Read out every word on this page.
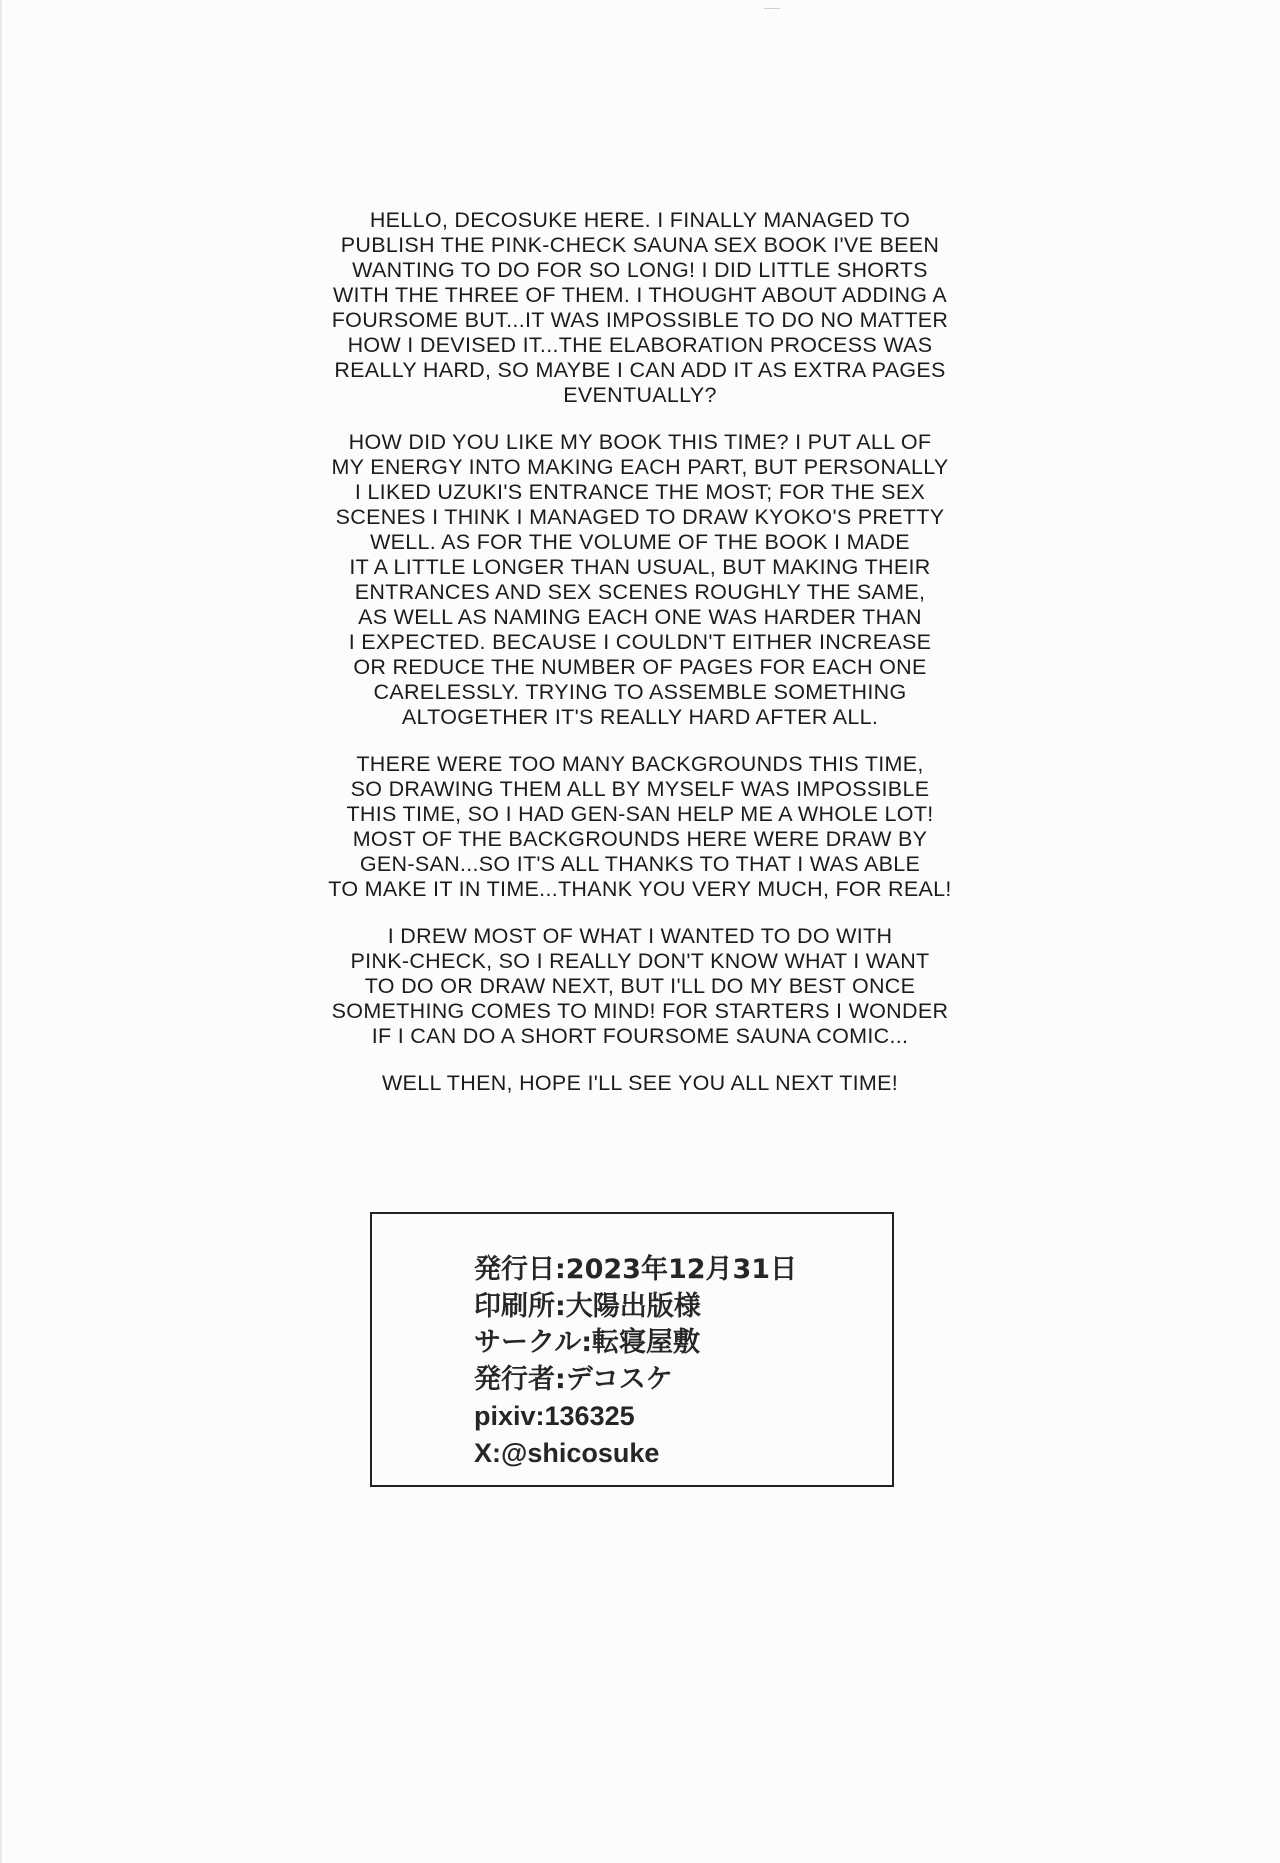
HELLO, DECOSUKE HERE. I FINALLY MANAGED TO
PUBLISH THE PINK-CHECK SAUNA SEX BOOK I'VE BEEN
WANTING TO DO FOR SO LONG! I DID LITTLE SHORTS
WITH THE THREE OF THEM. I THOUGHT ABOUT ADDING A
FOURSOME BUT...IT WAS IMPOSSIBLE TO DO NO MATTER
HOW I DEVISED IT...THE ELABORATION PROCESS WAS
REALLY HARD, SO MAYBE I CAN ADD IT AS EXTRA PAGES
EVENTUALLY?
HOW DID YOU LIKE MY BOOK THIS TIME? I PUT ALL OF
MY ENERGY INTO MAKING EACH PART, BUT PERSONALLY
I LIKED UZUKI'S ENTRANCE THE MOST; FOR THE SEX
SCENES I THINK I MANAGED TO DRAW KYOKO'S PRETTY
WELL. AS FOR THE VOLUME OF THE BOOK I MADE
IT A LITTLE LONGER THAN USUAL, BUT MAKING THEIR
ENTRANCES AND SEX SCENES ROUGHLY THE SAME,
AS WELL AS NAMING EACH ONE WAS HARDER THAN
I EXPECTED. BECAUSE I COULDN'T EITHER INCREASE
OR REDUCE THE NUMBER OF PAGES FOR EACH ONE
CARELESSLY. TRYING TO ASSEMBLE SOMETHING
ALTOGETHER IT'S REALLY HARD AFTER ALL.
THERE WERE TOO MANY BACKGROUNDS THIS TIME,
SO DRAWING THEM ALL BY MYSELF WAS IMPOSSIBLE
THIS TIME, SO I HAD GEN-SAN HELP ME A WHOLE LOT!
MOST OF THE BACKGROUNDS HERE WERE DRAW BY
GEN-SAN...SO IT'S ALL THANKS TO THAT I WAS ABLE
TO MAKE IT IN TIME...THANK YOU VERY MUCH, FOR REAL!
I DREW MOST OF WHAT I WANTED TO DO WITH
PINK-CHECK, SO I REALLY DON'T KNOW WHAT I WANT
TO DO OR DRAW NEXT, BUT I'LL DO MY BEST ONCE
SOMETHING COMES TO MIND! FOR STARTERS I WONDER
IF I CAN DO A SHORT FOURSOME SAUNA COMIC...
WELL THEN, HOPE I'LL SEE YOU ALL NEXT TIME!
発行日:2023年12月31日
印刷所:大陽出版様
サークル:転寝屋敷
発行者:デコスケ
pixiv:136325
X:@shicosuke
